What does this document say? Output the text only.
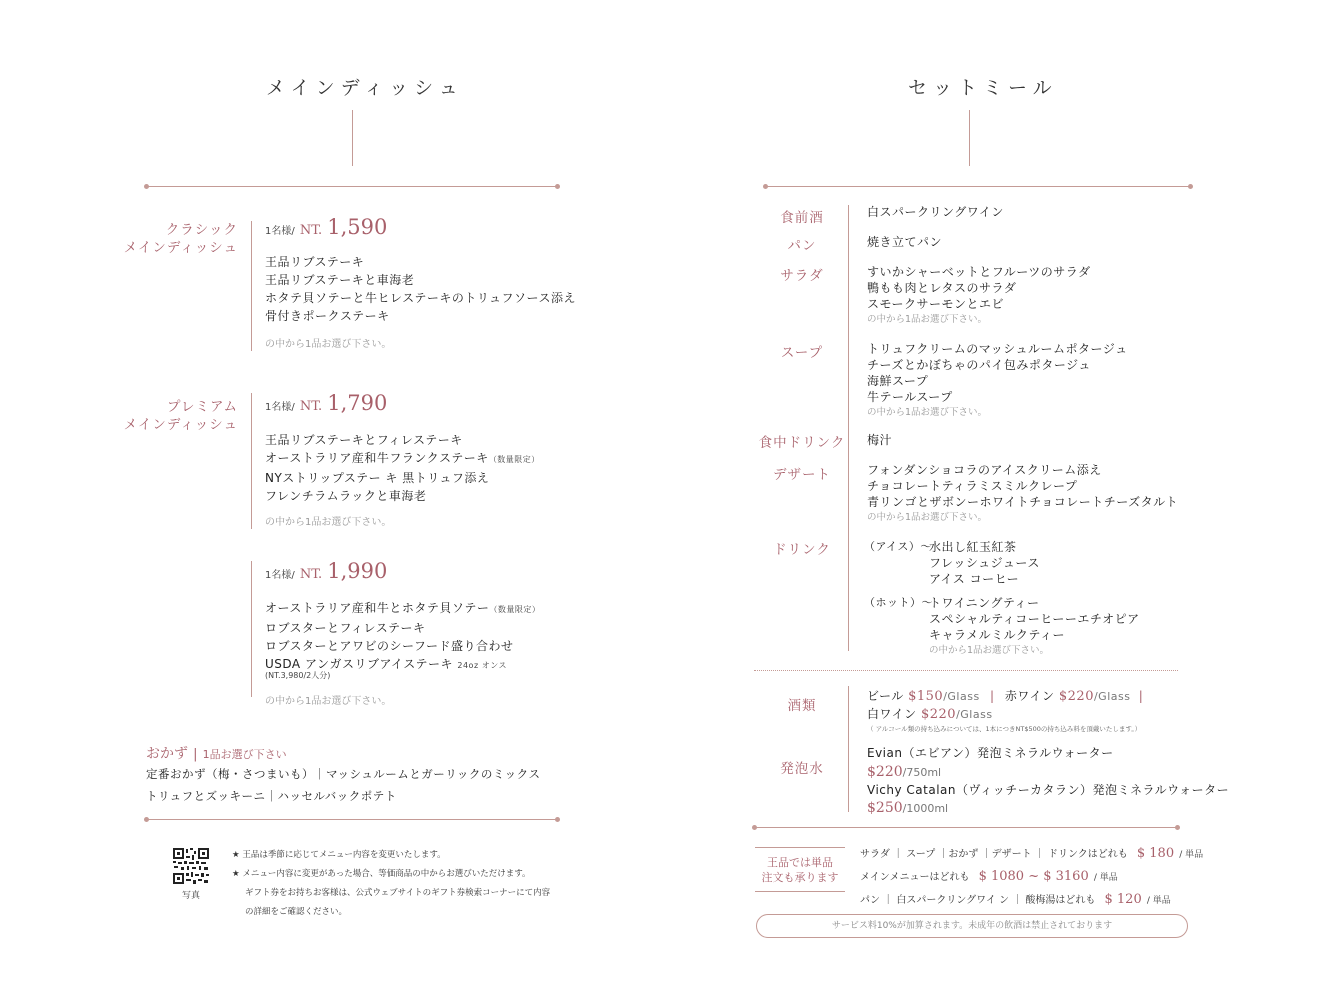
メインディッシュ
クラシック
メインディッシュ
1名様/ NT. 1,590
王品リブステーキ
王品リブステーキと車海老
ホタテ貝ソテーと牛ヒレステーキのトリュフソース添え
骨付きポークステーキ
の中から1品お選び下さい。
プレミアム
メインディッシュ
1名様/ NT. 1,790
王品リブステーキとフィレステーキ
オーストラリア産和牛フランクステーキ（数量限定）
NYストリップステー キ 黒トリュフ添え
フレンチラムラックと車海老
の中から1品お選び下さい。
1名様/ NT. 1,990
オーストラリア産和牛とホタテ貝ソテー（数量限定）
ロブスターとフィレステーキ
ロブスターとアワビのシーフード盛り合わせ
USDA アンガスリブアイステーキ 24oz オンス
(NT.3,980/2人分)
の中から1品お選び下さい。
おかず | 1品お選び下さい
定番おかず（梅・さつまいも）｜マッシュルームとガーリックのミックス
トリュフとズッキーニ｜ハッセルバックポテト
写真
★ 王品は季節に応じてメニュー内容を変更いたします。
★ メニュー内容に変更があった場合、等価商品の中からお選びいただけます。
ギフト券をお持ちお客様は、公式ウェブサイトのギフト券検索コーナーにて内容
の詳細をご確認ください。
セットミール
食前酒
パン
サラダ
スープ
食中ドリンク
デザート
ドリンク
白スパークリングワイン
焼き立てパン
すいかシャーベットとフルーツのサラダ
鴨もも肉とレタスのサラダ
スモークサーモンとエビ
の中から1品お選び下さい。
トリュフクリームのマッシュルームポタージュ
チーズとかぼちゃのパイ包みポタージュ
海鮮スープ
牛テールスープ
の中から1品お選び下さい。
梅汁
フォンダンショコラのアイスクリーム添え
チョコレートティラミスミルクレープ
青リンゴとザボンーホワイトチョコレートチーズタルト
の中から1品お選び下さい。
（アイス）～
水出し紅玉紅茶
フレッシュジュース
アイス コーヒー
（ホット）～
トワイニングティー
スペシャルティコーヒーーエチオピア
キャラメルミルクティー
の中から1品お選び下さい。
酒類
発泡水
ビール $150/Glass | 赤ワイン $220/Glass |
白ワイン $220/Glass
（ アルコール類の持ち込みについては、1本につきNT$500の持ち込み料を頂戴いたします。）
Evian（エビアン）発泡ミネラルウォーター
$220/750ml
Vichy Catalan（ヴィッチーカタラン）発泡ミネラルウォーター
$250/1000ml
王品では単品
注文も承ります
サラダ ｜ スープ ｜おかず ｜デザート ｜ ドリンクはどれも $ 180 / 単品
メインメニューはどれも $ 1080 ~ $ 3160 / 単品
パン ｜ 白スパークリングワイ ン ｜ 酸梅湯はどれも $ 120 / 単品
サービス料10%が加算されます。未成年の飲酒は禁止されております
